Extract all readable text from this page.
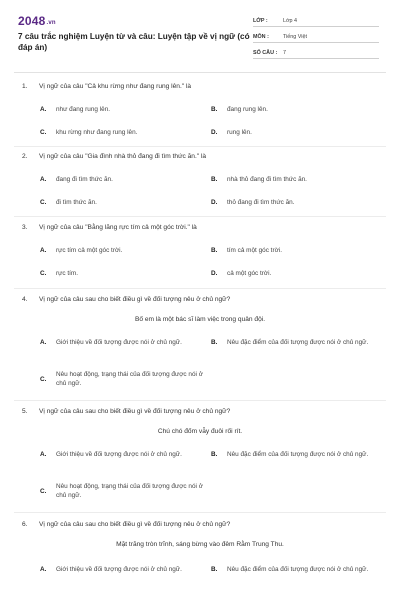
2048.vn
7 câu trắc nghiệm Luyện từ và câu: Luyện tập về vị ngữ (có đáp án)
LỚP :	Lớp 4
MÔN :	Tiếng Việt
SỐ CÂU :	7
1. Vị ngữ của câu "Cả khu rừng như đang rung lên." là
A.	như đang rung lên.	B.	đang rung lên.
C.	khu rừng như đang rung lên.	D.	rung lên.
2. Vị ngữ của câu "Gia đình nhà thỏ đang đi tìm thức ăn." là
A.	đang đi tìm thức ăn.	B.	nhà thỏ đang đi tìm thức ăn.
C.	đi tìm thức ăn.	D.	thỏ đang đi tìm thức ăn.
3. Vị ngữ của câu "Bằng lăng rực tím cả một góc trời." là
A.	rực tím cả một góc trời.	B.	tím cả một góc trời.
C.	rực tím.	D.	cả một góc trời.
4. Vị ngữ của câu sau cho biết điều gì về đối tượng nêu ở chủ ngữ?
Bố em là một bác sĩ làm việc trong quân đội.
A.	Giới thiệu về đối tượng được nói ở chủ ngữ.	B.	Nêu đặc điểm của đối tượng được nói ở chủ ngữ.
C.
Nêu hoạt động, trạng thái của đối tượng được nói ở chủ ngữ.
5. Vị ngữ của câu sau cho biết điều gì về đối tượng nêu ở chủ ngữ?
Chú chó đốm vẫy đuôi rối rít.
A.	Giới thiệu về đối tượng được nói ở chủ ngữ.	B.	Nêu đặc điểm của đối tượng được nói ở chủ ngữ.
C.
Nêu hoạt động, trạng thái của đối tượng được nói ở chủ ngữ.
6. Vị ngữ của câu sau cho biết điều gì về đối tượng nêu ở chủ ngữ?
Mặt trăng tròn trĩnh, sáng bừng vào đêm Rằm Trung Thu.
A.	Giới thiệu về đối tượng được nói ở chủ ngữ.	B.	Nêu đặc điểm của đối tượng được nói ở chủ ngữ.
